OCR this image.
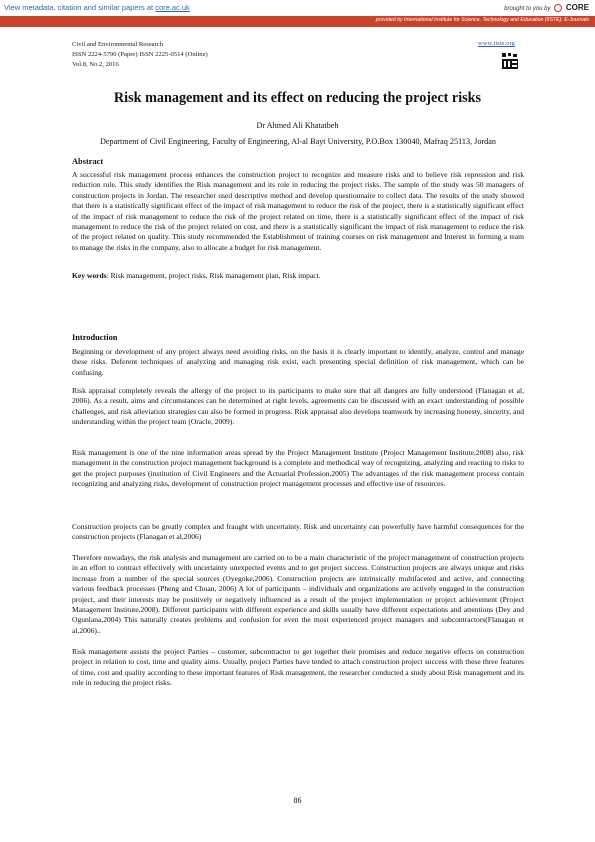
View metadata, citation and similar papers at core.ac.uk	brought to you by CORE
provided by International Institute for Science, Technology and Education (IISTE): E-Journals
Civil and Environmental Research
ISSN 2224-5790 (Paper) ISSN 2225-0514 (Online)
Vol.8, No.2, 2016
www.iiste.org
Risk management and its effect on reducing the project risks
Dr Ahmed Ali Khatatbeh
Department of Civil Engineering, Faculty of Engineering, Al-al Bayt University, P.O.Box 130040, Mafraq 25113, Jordan
Abstract
A successful risk management process enhances the construction project to recognize and measure risks and to believe risk repression and risk reduction rule. This study identifies the Risk management and its role in reducing the project risks. The sample of the study was 50 managers of construction projects in Jordan. The researcher used descriptive method and develop questionnaire to collect data. The results of the study showed that there is a statistically significant effect of the impact of risk management to reduce the risk of the project, there is a statistically significant effect of the impact of risk management to reduce the risk of the project related on time, there is a statistically significant effect of the impact of risk management to reduce the risk of the project related on cost, and there is a statistically significant the impact of risk management to reduce the risk of the project related on quality. This study recommended the Establishment of training courses on risk management and Interest in forming a team to manage the risks in the company, also to allocate a budget for risk management.
Key words: Risk management, project risks, Risk management plan, Risk impact.
Introduction
Beginning or development of any project always need avoiding risks, on the basis it is clearly important to identify, analyze, control and manage these risks. Deferent techniques of analyzing and managing risk exist, each presenting special definition of risk management, which can be confusing.
Risk appraisal completely reveals the allergy of the project to its participants to make sure that all dangers are fully understood (Flanagan et al, 2006). As a result, aims and circumstances can be determined at right levels, agreements can be discussed with an exact understanding of possible challenges, and risk alleviation strategies can also be formed in progress. Risk appraisal also develops teamwork by increasing honesty, sincerity, and understanding within the project team (Oracle, 2009).
Risk management is one of the nine information areas spread by the Project Management Institute (Project Management Institute,2008) also, risk management in the construction project management background is a complete and methodical way of recognizing, analyzing and reacting to risks to get the project purposes (institution of Civil Engineers and the Actuarial Profession,2005) The advantages of the risk management process contain recognizing and analyzing risks, development of construction project management processes and effective use of resources.
Construction projects can be greatly complex and fraught with uncertainty. Risk and uncertainty can powerfully have harmful consequences for the construction projects (Flanagan et al,2006)
Therefore nowadays, the risk analysis and management are carried on to be a main characteristic of the project management of construction projects in an effort to contract effectively with uncertainty unexpected events and to get project success. Construction projects are always unique and risks increase from a number of the special sources (Oyegoke,2006). Construction projects are intrinsically multifaceted and active, and connecting various feedback processes (Pheng and Chuan, 2006) A lot of participants – individuals and organizations are actively engaged in the construction project, and their interests may be positively or negatively influenced as a result of the project implementation or project achievement (Project Management Institute,2008). Different participants with different experience and skills usually have different expectations and attentions (Dey and Ogunlana,2004) This naturally creates problems and confusion for even the most experienced project managers and subcontractors(Flanagan et al,2006)..
Risk management assists the project Parties – customer, subcontractor to get together their promises and reduce negative effects on construction project in relation to cost, time and quality aims. Usually, project Parties have tended to attach construction project success with these three features of time, cost and quality according to these important features of Risk management, the researcher conducted a study about Risk management and its role in reducing the project risks.
86
